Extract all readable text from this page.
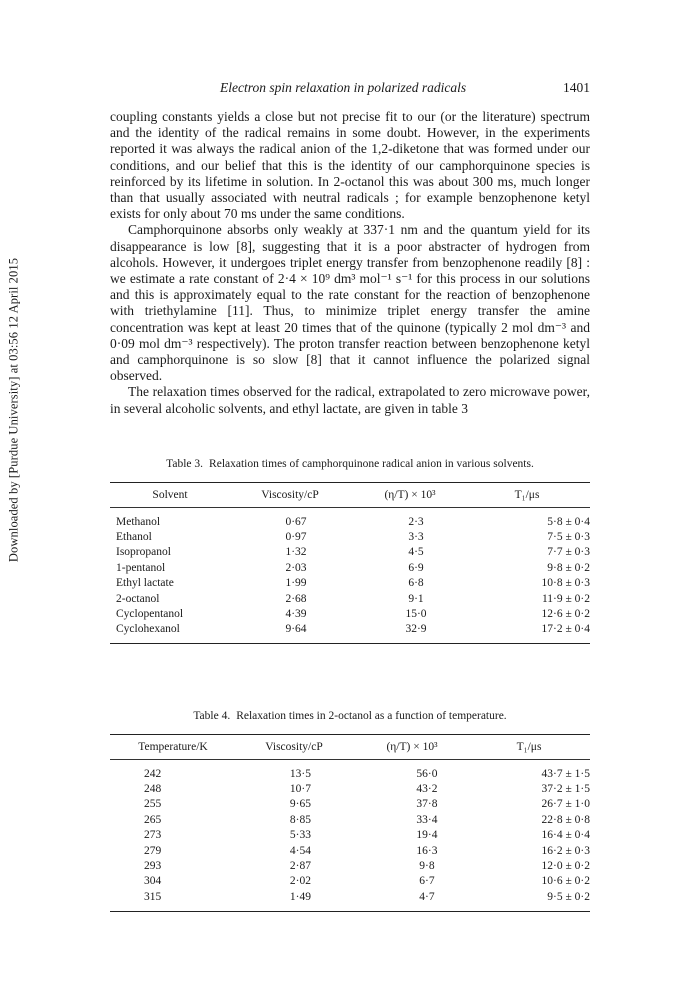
Downloaded by [Purdue University] at 03:56 12 April 2015
Electron spin relaxation in polarized radicals	1401

coupling constants yields a close but not precise fit to our (or the literature) spectrum and the identity of the radical remains in some doubt. However, in the experiments reported it was always the radical anion of the 1,2-diketone that was formed under our conditions, and our belief that this is the identity of our camphorquinone species is reinforced by its lifetime in solution. In 2-octanol this was about 300 ms, much longer than that usually associated with neutral radicals ; for example benzophenone ketyl exists for only about 70 ms under the same conditions.

Camphorquinone absorbs only weakly at 337·1 nm and the quantum yield for its disappearance is low [8], suggesting that it is a poor abstracter of hydrogen from alcohols. However, it undergoes triplet energy transfer from benzophenone readily [8] : we estimate a rate constant of 2·4 × 10⁹ dm³ mol⁻¹ s⁻¹ for this process in our solutions and this is approximately equal to the rate constant for the reaction of benzophenone with triethylamine [11]. Thus, to minimize triplet energy transfer the amine concentration was kept at least 20 times that of the quinone (typically 2 mol dm⁻³ and 0·09 mol dm⁻³ respectively). The proton transfer reaction between benzophenone ketyl and camphorquinone is so slow [8] that it cannot influence the polarized signal observed.

The relaxation times observed for the radical, extrapolated to zero microwave power, in several alcoholic solvents, and ethyl lactate, are given in table 3

Table 3. Relaxation times of camphorquinone radical anion in various solvents.

Solvent	Viscosity/cP	(η/T) × 10³	T₁/μs
Methanol	0·67	2·3	5·8 ± 0·4
Ethanol	0·97	3·3	7·5 ± 0·3
Isopropanol	1·32	4·5	7·7 ± 0·3
1-pentanol	2·03	6·9	9·8 ± 0·2
Ethyl lactate	1·99	6·8	10·8 ± 0·3
2-octanol	2·68	9·1	11·9 ± 0·2
Cyclopentanol	4·39	15·0	12·6 ± 0·2
Cyclohexanol	9·64	32·9	17·2 ± 0·4

Table 4. Relaxation times in 2-octanol as a function of temperature.

Temperature/K	Viscosity/cP	(η/T) × 10³	T₁/μs
242	13·5	56·0	43·7 ± 1·5
248	10·7	43·2	37·2 ± 1·5
255	9·65	37·8	26·7 ± 1·0
265	8·85	33·4	22·8 ± 0·8
273	5·33	19·4	16·4 ± 0·4
279	4·54	16·3	16·2 ± 0·3
293	2·87	9·8	12·0 ± 0·2
304	2·02	6·7	10·6 ± 0·2
315	1·49	4·7	9·5 ± 0·2
